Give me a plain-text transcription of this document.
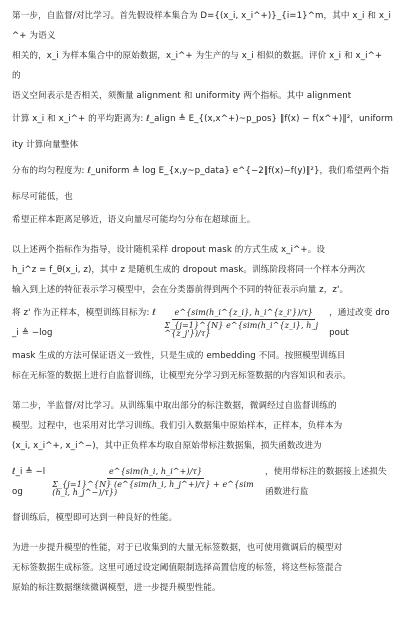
第一步，自监督/对比学习。首先假设样本集合为 D={(x_i, x_i^+)}_{i=1}^m，其中 x_i 和 x_i^+ 为语义

相关的，x_i 为样本集合中的原始数据，x_i^+ 为生产的与 x_i 相似的数据。评价 x_i 和 x_i^+ 的

语义空间表示是否相关，须衡量 alignment 和 uniformity 两个指标。其中 alignment

计算 x_i 和 x_i^+ 的平均距离为: ℓ_align ≜ E_{(x,x^+)~p_pos} ‖f(x) − f(x^+)‖²，uniformity 计算向量整体

分布的均匀程度为: ℓ_uniform ≜ log E_{x,y~p_data} e^{−2‖f(x)−f(y)‖²}，我们希望两个指标尽可能低，也

希望正样本距离足够近，语义向量尽可能均匀分布在超球面上。

以上述两个指标作为指导，设计随机采样 dropout mask 的方式生成 x_i^+。设

h_i^z = f_θ(x_i, z)，其中 z 是随机生成的 dropout mask。训练阶段将同一个样本分两次

输入到上述的特征表示学习模型中，会在分类器前得到两个不同的特征表示向量 z，z'。

将 z' 作为正样本，模型训练目标为: ℓ_i ≜ −log	$\frac{\text{e\textasciicircum{}\{sim(h\_i\textasciicircum{}\{z\_i\}, h\_i\textasciicircum{}\{z\_i'\})/τ\}}}{\text{Σ\_\{j=1\}\textasciicircum{}\{N\} e\textasciicircum{}\{sim(h\_i\textasciicircum{}\{z\_i\}, h\_j\textasciicircum{}\{z\_j'\})/τ\}}}$ ，通过改变 dropout

mask 生成的方法可保证语义一致性，只是生成的 embedding 不同。按照模型训练目

标在无标签的数据上进行自监督训练，让模型充分学习到无标签数据的内容知识和表示。

第二步，半监督/对比学习。从训练集中取出部分的标注数据，微调经过自监督训练的

模型。过程中，也采用对比学习训练。我们引入数据集中原始样本，正样本，负样本为

(x_i, x_i^+, x_i^−)，其中正负样本均取自原始带标注数据集，损失函数改进为

ℓ_i ≜ −log	$\frac{\text{e\textasciicircum{}\{sim(h\_i, h\_i\textasciicircum{}+)/τ\}}}{\text{Σ\_\{j=1\}\textasciicircum{}\{N\} (e\textasciicircum{}\{sim(h\_i, h\_j\textasciicircum{}+)/τ\} + e\textasciicircum{}\{sim(h\_i, h\_j\textasciicircum{}−)/τ\})}}$ ，使用带标注的数据接上述损失函数进行监

督训练后，模型即可达到一种良好的性能。

为进一步提升模型的性能，对于已收集到的大量无标签数据，也可使用微调后的模型对

无标签数据生成标签。这里可通过设定阈值限制选择高置信度的标签，将这些标签混合

原始的标注数据继续微调模型，进一步提升模型性能。
